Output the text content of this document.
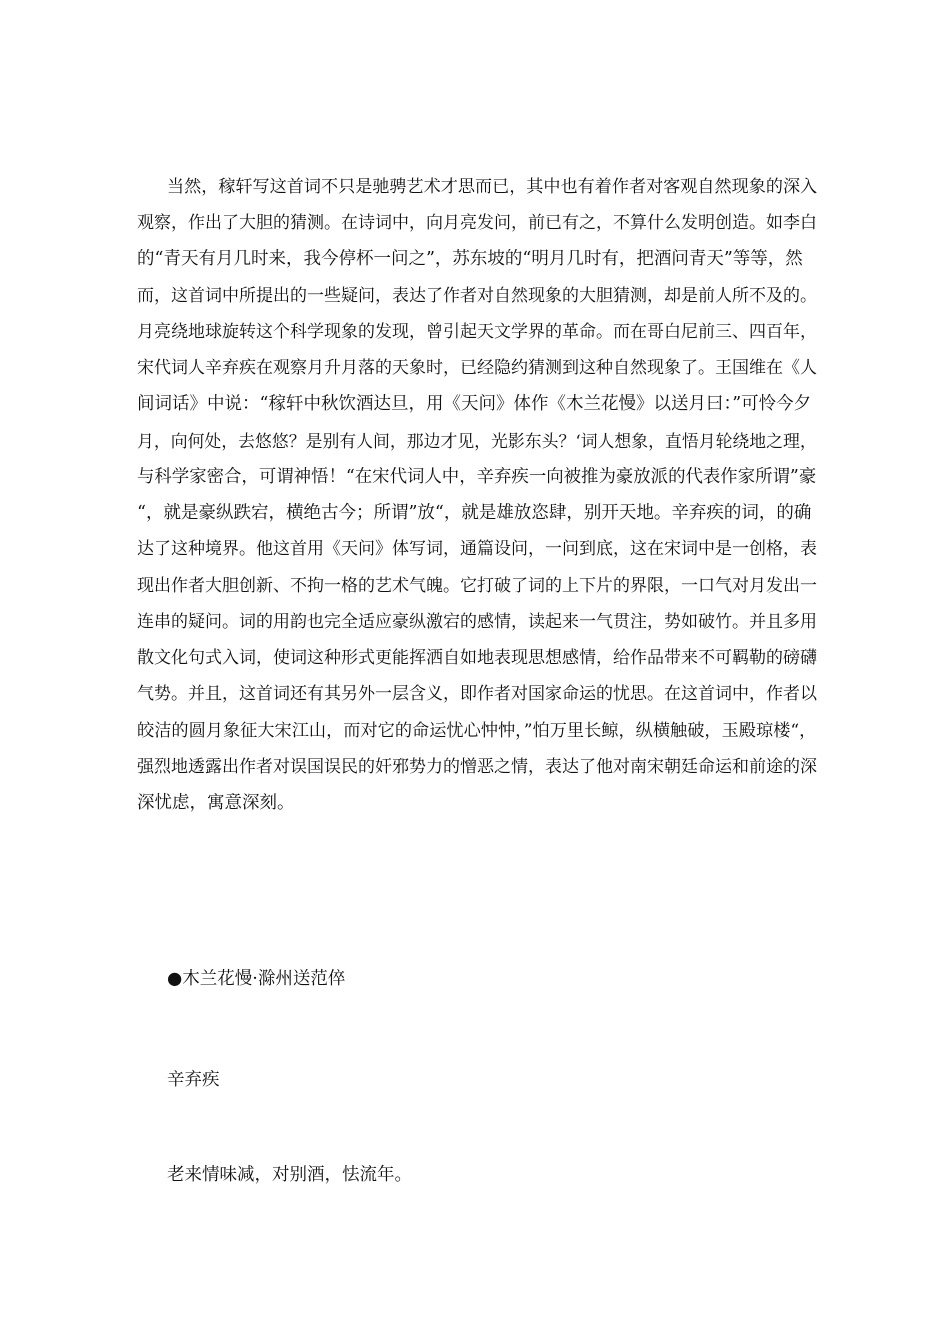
当然，稼轩写这首词不只是驰骋艺术才思而已，其中也有着作者对客观自然现象的深入
观察，作出了大胆的猜测。在诗词中，向月亮发问，前已有之，不算什么发明创造。如李白
的“青天有月几时来，我今停杯一问之”，苏东坡的“明月几时有，把酒问青天”等等，然
而，这首词中所提出的一些疑问，表达了作者对自然现象的大胆猜测，却是前人所不及的。
月亮绕地球旋转这个科学现象的发现，曾引起天文学界的革命。而在哥白尼前三、四百年，
宋代词人辛弃疾在观察月升月落的天象时，已经隐约猜测到这种自然现象了。王国维在《人
间词话》中说：“稼轩中秋饮酒达旦，用《天问》体作《木兰花慢》以送月曰：”可怜今夕
月，向何处，去悠悠？是别有人间，那边才见，光影东头？‘词人想象，直悟月轮绕地之理，
与科学家密合，可谓神悟！“在宋代词人中，辛弃疾一向被推为豪放派的代表作家所谓”豪
“，就是豪纵跌宕，横绝古今；所谓”放“，就是雄放恣肆，别开天地。辛弃疾的词，的确
达了这种境界。他这首用《天问》体写词，通篇设问，一问到底，这在宋词中是一创格，表
现出作者大胆创新、不拘一格的艺术气魄。它打破了词的上下片的界限，一口气对月发出一
连串的疑问。词的用韵也完全适应豪纵激宕的感情，读起来一气贯注，势如破竹。并且多用
散文化句式入词，使词这种形式更能挥洒自如地表现思想感情，给作品带来不可羁勒的磅礴
气势。并且，这首词还有其另外一层含义，即作者对国家命运的忧思。在这首词中，作者以
皎洁的圆月象征大宋江山，而对它的命运忧心忡忡，”怕万里长鲸，纵横触破，玉殿琼楼“，
强烈地透露出作者对误国误民的奸邪势力的憎恶之情，表达了他对南宋朝廷命运和前途的深
深忧虑，寓意深刻。
●木兰花慢·滁州送范倅
辛弃疾
老来情味减，对别酒，怯流年。
